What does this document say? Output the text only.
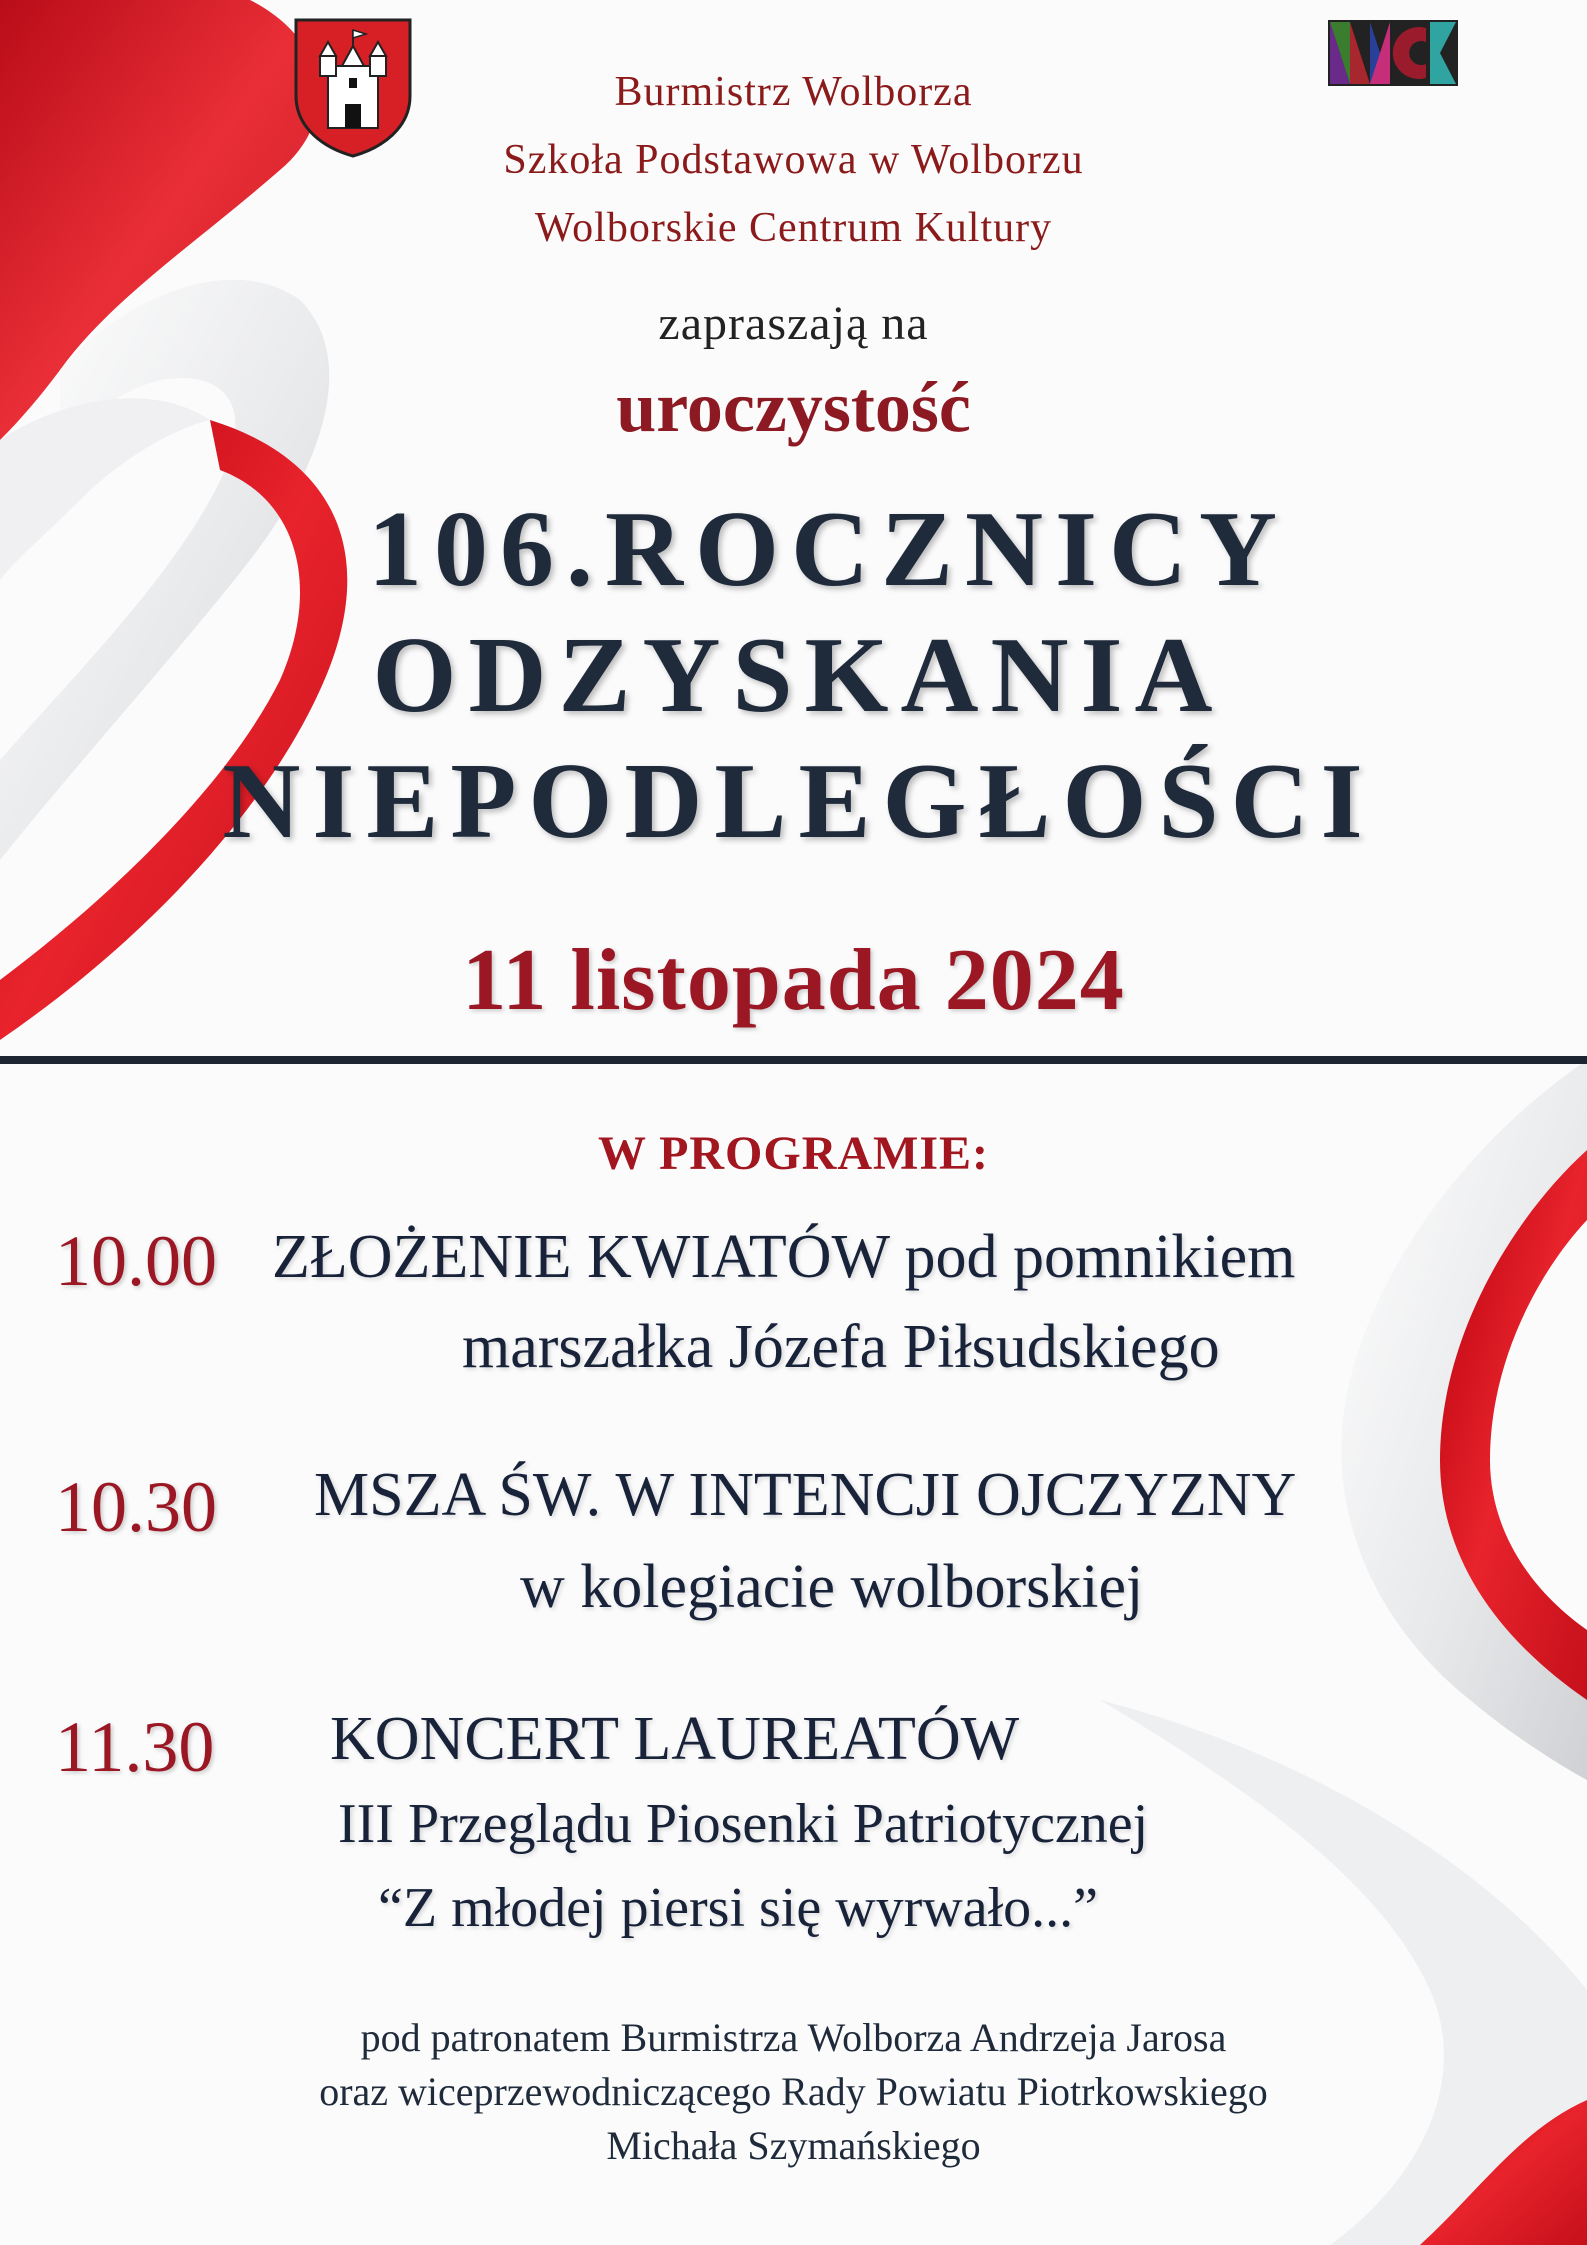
Burmistrz Wolborza
Szkoła Podstawowa w Wolborzu
Wolborskie Centrum Kultury
zapraszają na
uroczystość
106.ROCZNICY
ODZYSKANIA
NIEPODLEGŁOŚCI
11 listopada 2024
W PROGRAMIE:
10.00 ZŁOŻENIE KWIATÓW pod pomnikiem
marszałka Józefa Piłsudskiego
10.30 MSZA ŚW. W INTENCJI OJCZYZNY
w kolegiacie wolborskiej
11.30 KONCERT LAUREATÓW
III Przeglądu Piosenki Patriotycznej
“Z młodej piersi się wyrwało...”
pod patronatem Burmistrza Wolborza Andrzeja Jarosa
oraz wiceprzewodniczącego Rady Powiatu Piotrkowskiego
Michała Szymańskiego
